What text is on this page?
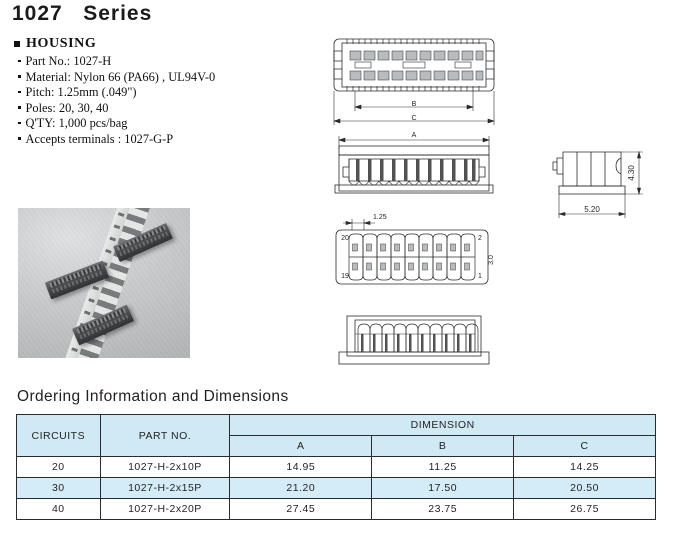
1027   Series
HOUSING
Part No.: 1027-H
Material: Nylon 66 (PA66) , UL94V-0
Pitch: 1.25mm (.049")
Poles: 20, 30, 40
Q'TY: 1,000 pcs/bag
Accepts terminals : 1027-G-P
B
C
A
1.25
20
19
2
1
3.0
4.30
5.20
Ordering Information and Dimensions
CIRCUITS	PART NO.	DIMENSION		
		A	B	C
20	1027-H-2x10P	14.95	11.25	14.25
30	1027-H-2x15P	21.20	17.50	20.50
40	1027-H-2x20P	27.45	23.75	26.75
